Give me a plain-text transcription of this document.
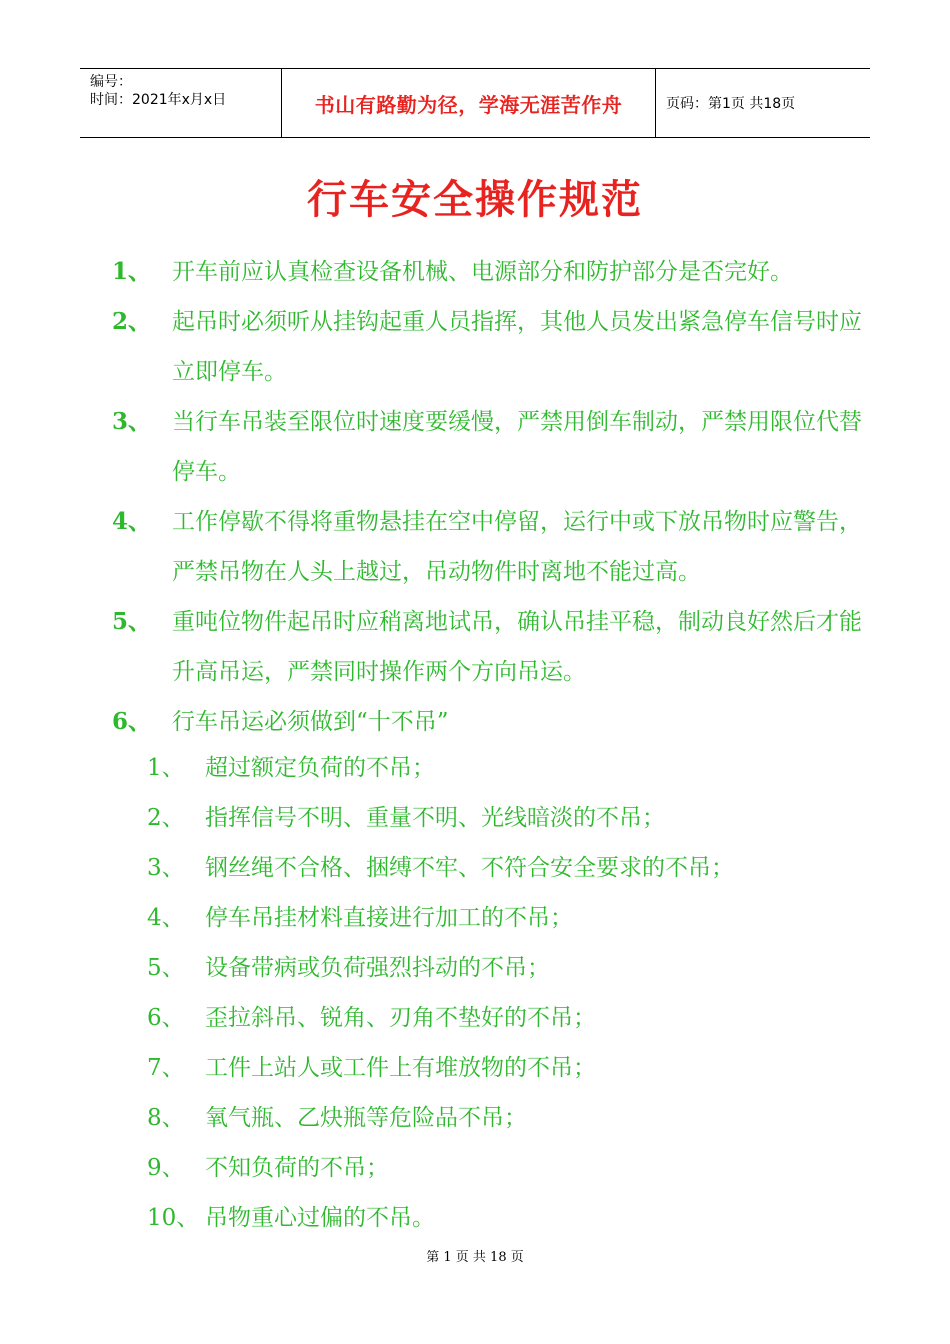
编号：
时间：2021年x月x日	书山有路勤为径，学海无涯苦作舟	页码：第1页 共18页
行车安全操作规范
1、 开车前应认真检查设备机械、电源部分和防护部分是否完好。
2、 起吊时必须听从挂钩起重人员指挥，其他人员发出紧急停车信号时应立即停车。
3、 当行车吊装至限位时速度要缓慢，严禁用倒车制动，严禁用限位代替停车。
4、 工作停歇不得将重物悬挂在空中停留，运行中或下放吊物时应警告，严禁吊物在人头上越过，吊动物件时离地不能过高。
5、 重吨位物件起吊时应稍离地试吊，确认吊挂平稳，制动良好然后才能升高吊运，严禁同时操作两个方向吊运。
6、 行车吊运必须做到“十不吊”
1、 超过额定负荷的不吊；
2、 指挥信号不明、重量不明、光线暗淡的不吊；
3、 钢丝绳不合格、捆缚不牢、不符合安全要求的不吊；
4、 停车吊挂材料直接进行加工的不吊；
5、 设备带病或负荷强烈抖动的不吊；
6、 歪拉斜吊、锐角、刃角不垫好的不吊；
7、 工件上站人或工件上有堆放物的不吊；
8、 氧气瓶、乙炔瓶等危险品不吊；
9、 不知负荷的不吊；
10、 吊物重心过偏的不吊。
第 1 页 共 18 页
